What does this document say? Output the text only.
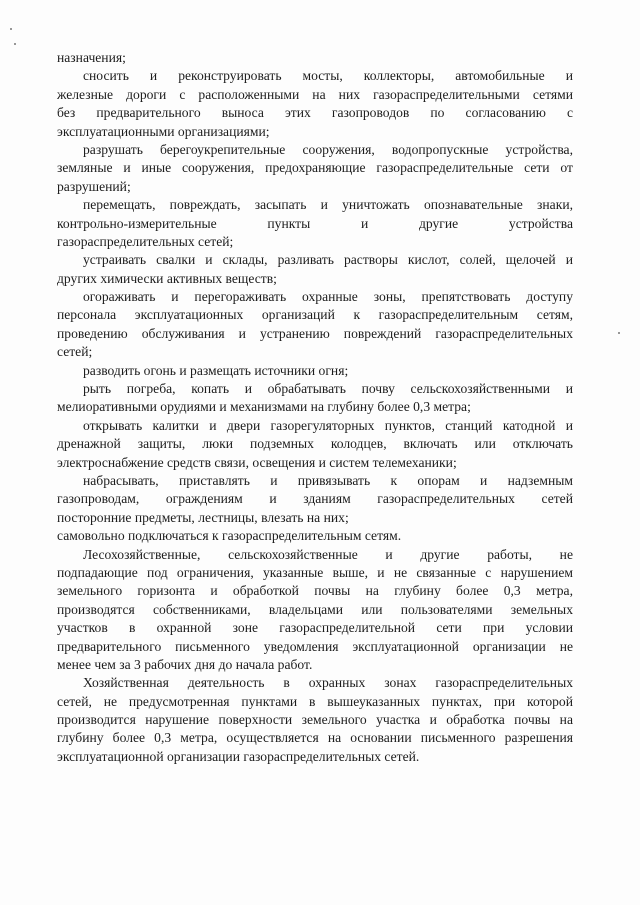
назначения;
сносить и реконструировать мосты, коллекторы, автомобильные и
железные дороги с расположенными на них газораспределительными сетями
без предварительного выноса этих газопроводов по согласованию с
эксплуатационными организациями;
разрушать берегоукрепительные сооружения, водопропускные устройства,
земляные и иные сооружения, предохраняющие газораспределительные сети от
разрушений;
перемещать, повреждать, засыпать и уничтожать опознавательные знаки,
контрольно-измерительные пункты и другие устройства
газораспределительных сетей;
устраивать свалки и склады, разливать растворы кислот, солей, щелочей и
других химически активных веществ;
огораживать и перегораживать охранные зоны, препятствовать доступу
персонала эксплуатационных организаций к газораспределительным сетям,
проведению обслуживания и устранению повреждений газораспределительных
сетей;
разводить огонь и размещать источники огня;
рыть погреба, копать и обрабатывать почву сельскохозяйственными и
мелиоративными орудиями и механизмами на глубину более 0,3 метра;
открывать калитки и двери газорегуляторных пунктов, станций катодной и
дренажной защиты, люки подземных колодцев, включать или отключать
электроснабжение средств связи, освещения и систем телемеханики;
набрасывать, приставлять и привязывать к опорам и надземным
газопроводам, ограждениям и зданиям газораспределительных сетей
посторонние предметы, лестницы, влезать на них;
самовольно подключаться к газораспределительным сетям.
Лесохозяйственные, сельскохозяйственные и другие работы, не
подпадающие под ограничения, указанные выше, и не связанные с нарушением
земельного горизонта и обработкой почвы на глубину более 0,3 метра,
производятся собственниками, владельцами или пользователями земельных
участков в охранной зоне газораспределительной сети при условии
предварительного письменного уведомления эксплуатационной организации не
менее чем за 3 рабочих дня до начала работ.
Хозяйственная деятельность в охранных зонах газораспределительных
сетей, не предусмотренная пунктами в вышеуказанных пунктах, при которой
производится нарушение поверхности земельного участка и обработка почвы на
глубину более 0,3 метра, осуществляется на основании письменного разрешения
эксплуатационной организации газораспределительных сетей.
